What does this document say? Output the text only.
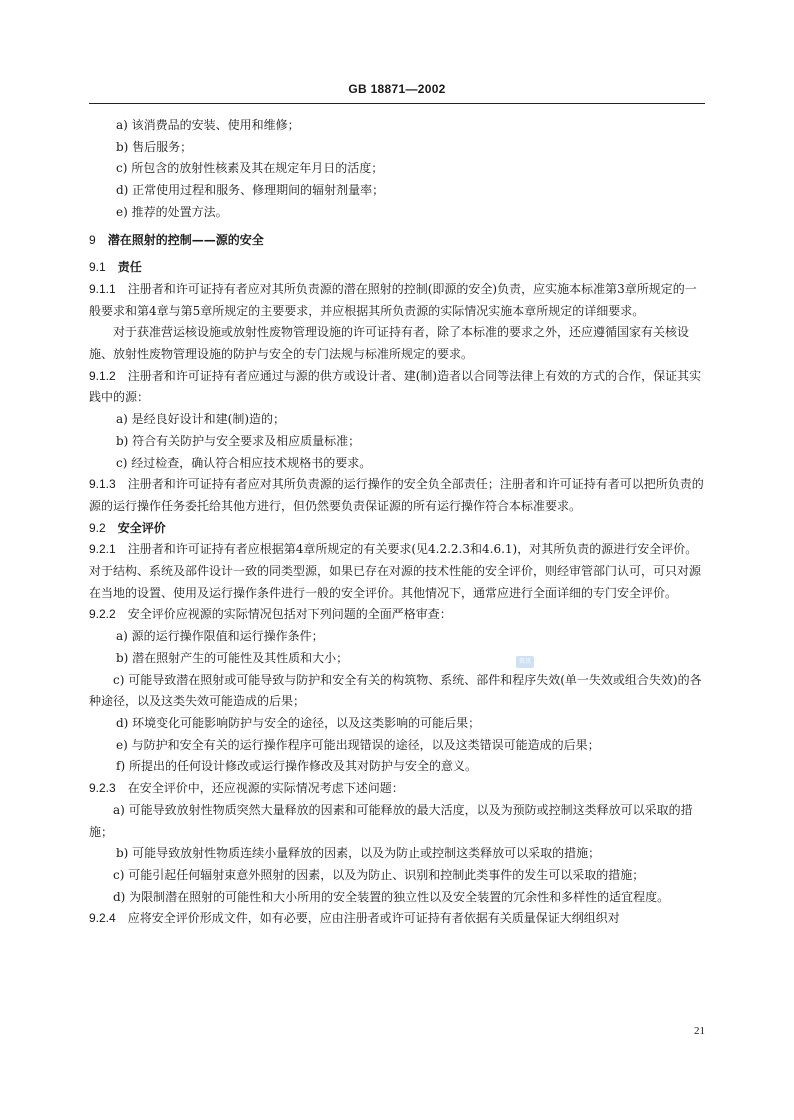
GB 18871—2002
a) 该消费品的安装、使用和维修；
b) 售后服务；
c) 所包含的放射性核素及其在规定年月日的活度；
d) 正常使用过程和服务、修理期间的辐射剂量率；
e) 推荐的处置方法。
9 潜在照射的控制——源的安全
9.1 责任
9.1.1 注册者和许可证持有者应对其所负责源的潜在照射的控制(即源的安全)负责，应实施本标准第3章所规定的一般要求和第4章与第5章所规定的主要要求，并应根据其所负责源的实际情况实施本章所规定的详细要求。
对于获准营运核设施或放射性废物管理设施的许可证持有者，除了本标准的要求之外，还应遵循国家有关核设施、放射性废物管理设施的防护与安全的专门法规与标准所规定的要求。
9.1.2 注册者和许可证持有者应通过与源的供方或设计者、建(制)造者以合同等法律上有效的方式的合作，保证其实践中的源：
a) 是经良好设计和建(制)造的；
b) 符合有关防护与安全要求及相应质量标准；
c) 经过检查，确认符合相应技术规格书的要求。
9.1.3 注册者和许可证持有者应对其所负责源的运行操作的安全负全部责任；注册者和许可证持有者可以把所负责的源的运行操作任务委托给其他方进行，但仍然要负责保证源的所有运行操作符合本标准要求。
9.2 安全评价
9.2.1 注册者和许可证持有者应根据第4章所规定的有关要求(见4.2.2.3和4.6.1)，对其所负责的源进行安全评价。对于结构、系统及部件设计一致的同类型源，如果已存在对源的技术性能的安全评价，则经审管部门认可，可只对源在当地的设置、使用及运行操作条件进行一般的安全评价。其他情况下，通常应进行全面详细的专门安全评价。
9.2.2 安全评价应视源的实际情况包括对下列问题的全面严格审查：
a) 源的运行操作限值和运行操作条件；
b) 潜在照射产生的可能性及其性质和大小；
c) 可能导致潜在照射或可能导致与防护和安全有关的构筑物、系统、部件和程序失效(单一失效或组合失效)的各种途径，以及这类失效可能造成的后果；
d) 环境变化可能影响防护与安全的途径，以及这类影响的可能后果；
e) 与防护和安全有关的运行操作程序可能出现错误的途径，以及这类错误可能造成的后果；
f) 所提出的任何设计修改或运行操作修改及其对防护与安全的意义。
9.2.3 在安全评价中，还应视源的实际情况考虑下述问题：
a) 可能导致放射性物质突然大量释放的因素和可能释放的最大活度，以及为预防或控制这类释放可以采取的措施；
b) 可能导致放射性物质连续小量释放的因素，以及为防止或控制这类释放可以采取的措施；
c) 可能引起任何辐射束意外照射的因素，以及为防止、识别和控制此类事件的发生可以采取的措施；
d) 为限制潜在照射的可能性和大小所用的安全装置的独立性以及安全装置的冗余性和多样性的适宜程度。
9.2.4 应将安全评价形成文件，如有必要，应由注册者或许可证持有者依据有关质量保证大纲组织对
资讯
21
